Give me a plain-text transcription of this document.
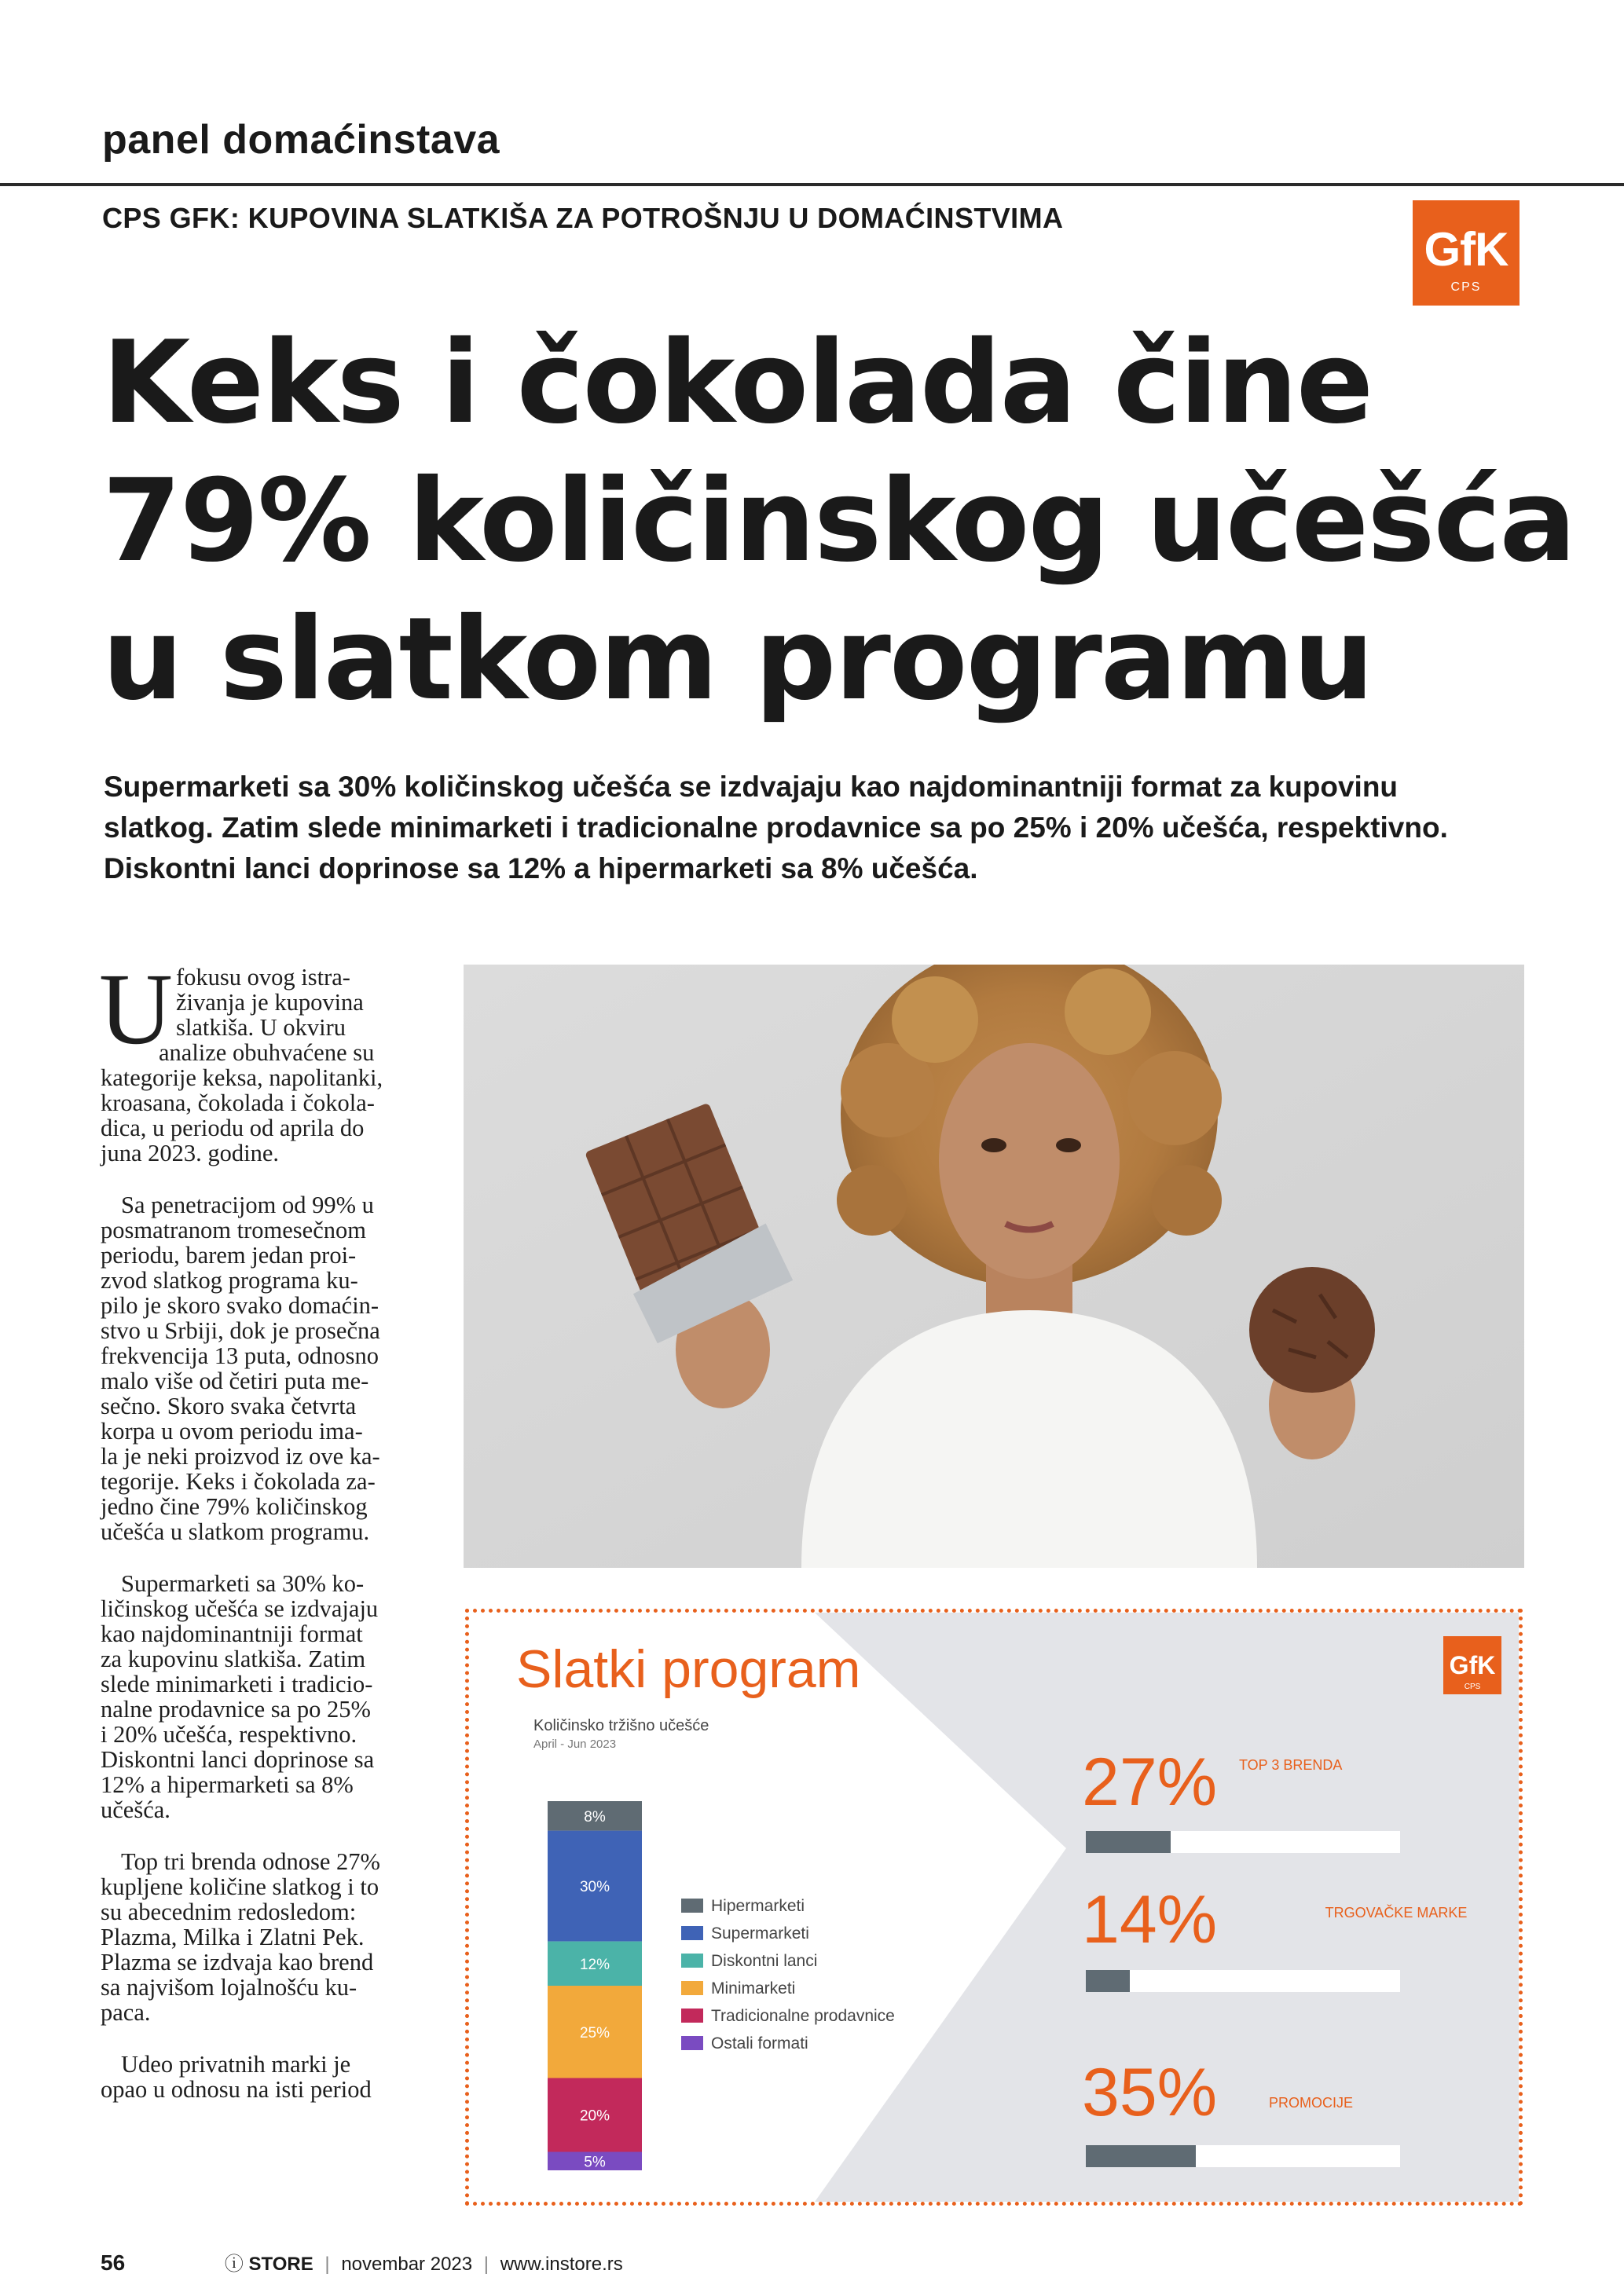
panel domaćinstava
CPS GFK: KUPOVINA SLATKIŠA ZA POTROŠNJU U DOMAĆINSTVIMA
GfK
CPS
Keks i čokolada čine
79% količinskog učešća
u slatkom programu
Supermarketi sa 30% količinskog učešća se izdvajaju kao najdominantniji format za kupovinu
slatkog. Zatim slede minimarketi i tradicionalne prodavnice sa po 25% i 20% učešća, respektivno.
Diskontni lanci doprinose sa 12% a hipermarketi sa 8% učešća.
U fokusu ovog istra-
živanja je kupovina
slatkiša. U okviru
analize obuhvaćene su
kategorije keksa, napolitanki,
kroasana, čokolada i čokola-
dica, u periodu od aprila do
juna 2023. godine.
Sa penetracijom od 99% u
posmatranom tromesečnom
periodu, barem jedan proi-
zvod slatkog programa ku-
pilo je skoro svako domaćin-
stvo u Srbiji, dok je prosečna
frekvencija 13 puta, odnosno
malo više od četiri puta me-
sečno. Skoro svaka četvrta
korpa u ovom periodu ima-
la je neki proizvod iz ove ka-
tegorije. Keks i čokolada za-
jedno čine 79% količinskog
učešća u slatkom programu.
Supermarketi sa 30% ko-
ličinskog učešća se izdvajaju
kao najdominantniji format
za kupovinu slatkiša. Zatim
slede minimarketi i tradicio-
nalne prodavnice sa po 25%
i 20% učešća, respektivno.
Diskontni lanci doprinose sa
12% a hipermarketi sa 8%
učešća.
Top tri brenda odnose 27%
kupljene količine slatkog i to
su abecednim redosledom:
Plazma, Milka i Zlatni Pek.
Plazma se izdvaja kao brend
sa najvišom lojalnošću ku-
paca.
Udeo privatnih marki je
opao u odnosu na isti period
Slatki program
Količinsko tržišno učešće
April - Jun 2023
GfK
CPS
8%
30%
12%
25%
20%
5%
Hipermarketi
Supermarketi
Diskontni lanci
Minimarketi
Tradicionalne prodavnice
Ostali formati
27% TOP 3 BRENDA
14%	TRGOVAČKE MARKE
35%	PROMOCIJE
56	ⓘ STORE | novembar 2023 | www.instore.rs
